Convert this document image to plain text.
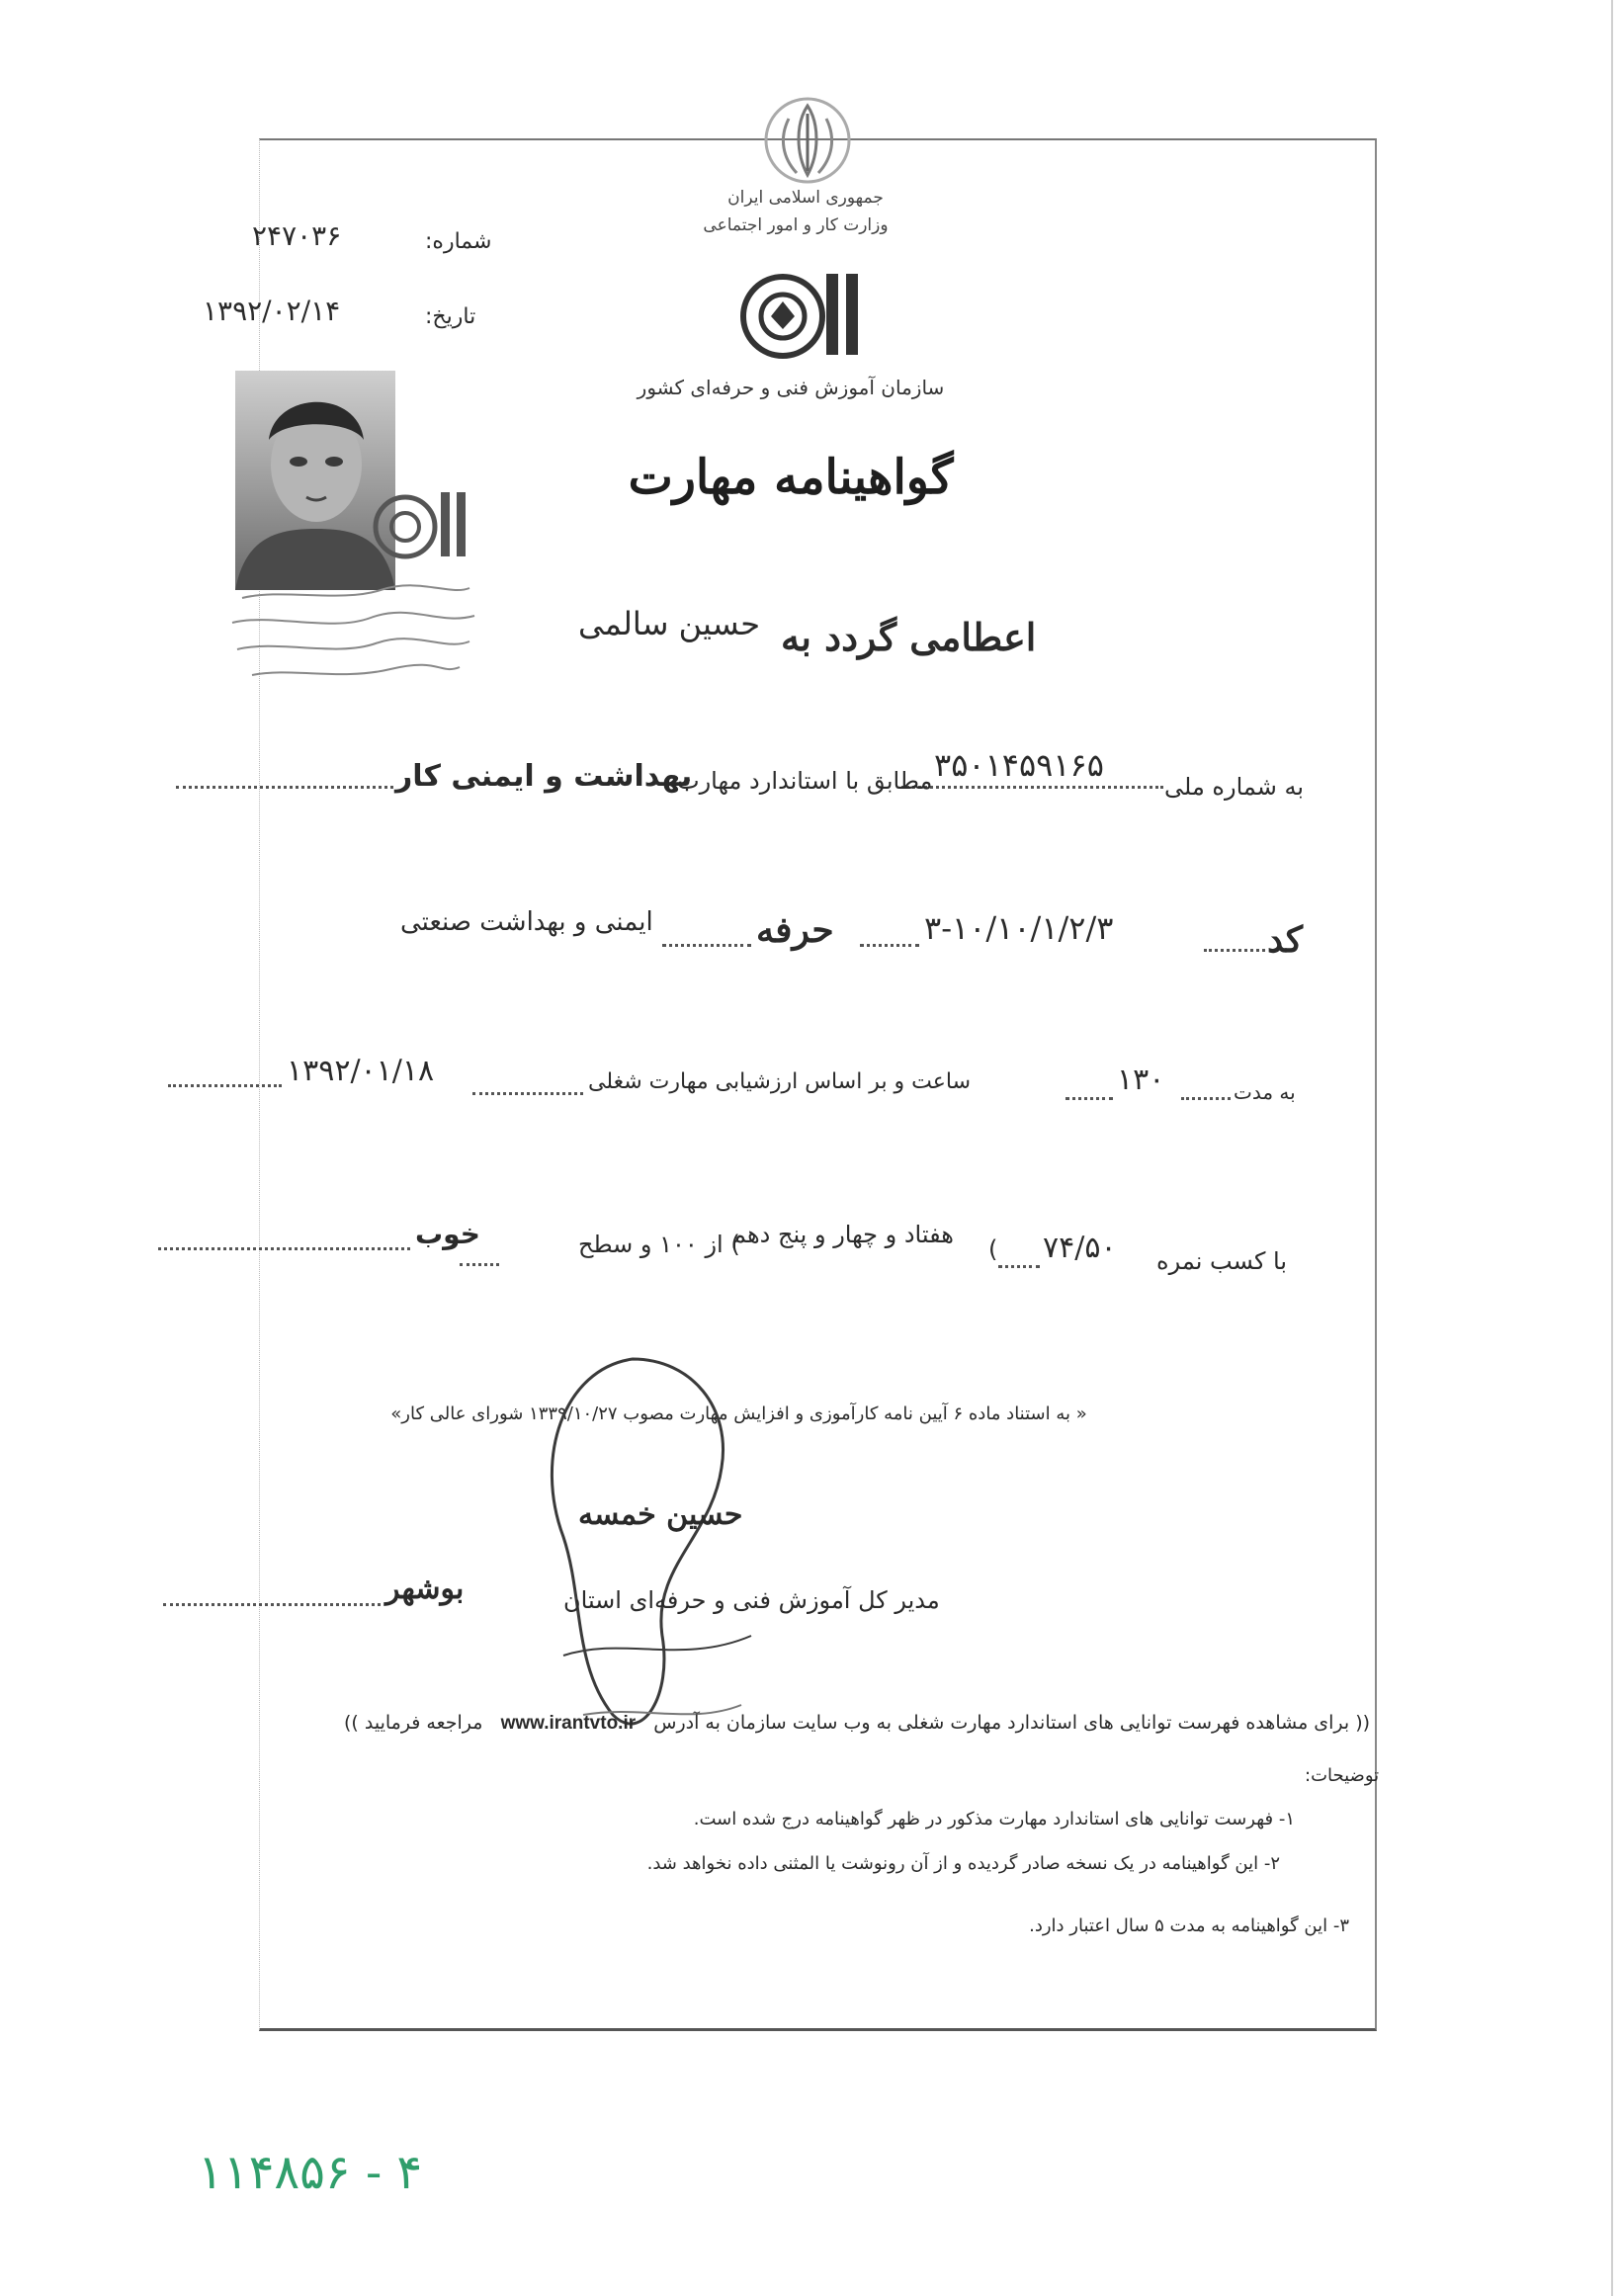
جمهوری اسلامی ایران
وزارت کار و امور اجتماعی
سازمان آموزش فنی و حرفه‌ای کشور
شماره:
۲۴۷۰۳۶
تاریخ:
۱۳۹۲/۰۲/۱۴
گواهینامه مهارت
اعطامی گردد به
حسین سالمی
به شماره ملی
۳۵۰۱۴۵۹۱۶۵
مطابق با استاندارد مهارت
بهداشت و ایمنی کار
کد
۳-۱۰/۱۰/۱/۲/۳
حرفه
ایمنی و بهداشت صنعتی
به مدت
۱۳۰
ساعت و بر اساس ارزشیابی مهارت شغلی
۱۳۹۲/۰۱/۱۸
با کسب نمره
۷۴/۵۰
(
هفتاد و چهار و پنج دهم
) از ۱۰۰ و سطح
خوب
« به استناد ماده ۶ آیین نامه کارآموزی و افزایش مهارت مصوب ۱۳۳۹/۱۰/۲۷ شورای عالی کار»
حسین خمسه
مدیر کل آموزش فنی و حرفه‌ای استان
بوشهر
مراجعه فرمایید )) www.irantvto.ir (( برای مشاهده فهرست توانایی های استاندارد مهارت شغلی به وب سایت سازمان به آدرس
توضیحات:
۱- فهرست توانایی های استاندارد مهارت مذکور در ظهر گواهینامه درج شده است.
۲- این گواهینامه در یک نسخه صادر گردیده و از آن رونوشت یا المثنی داده نخواهد شد.
۳- این گواهینامه به مدت ۵ سال اعتبار دارد.
۱۱۴۸۵۶ - ۴
